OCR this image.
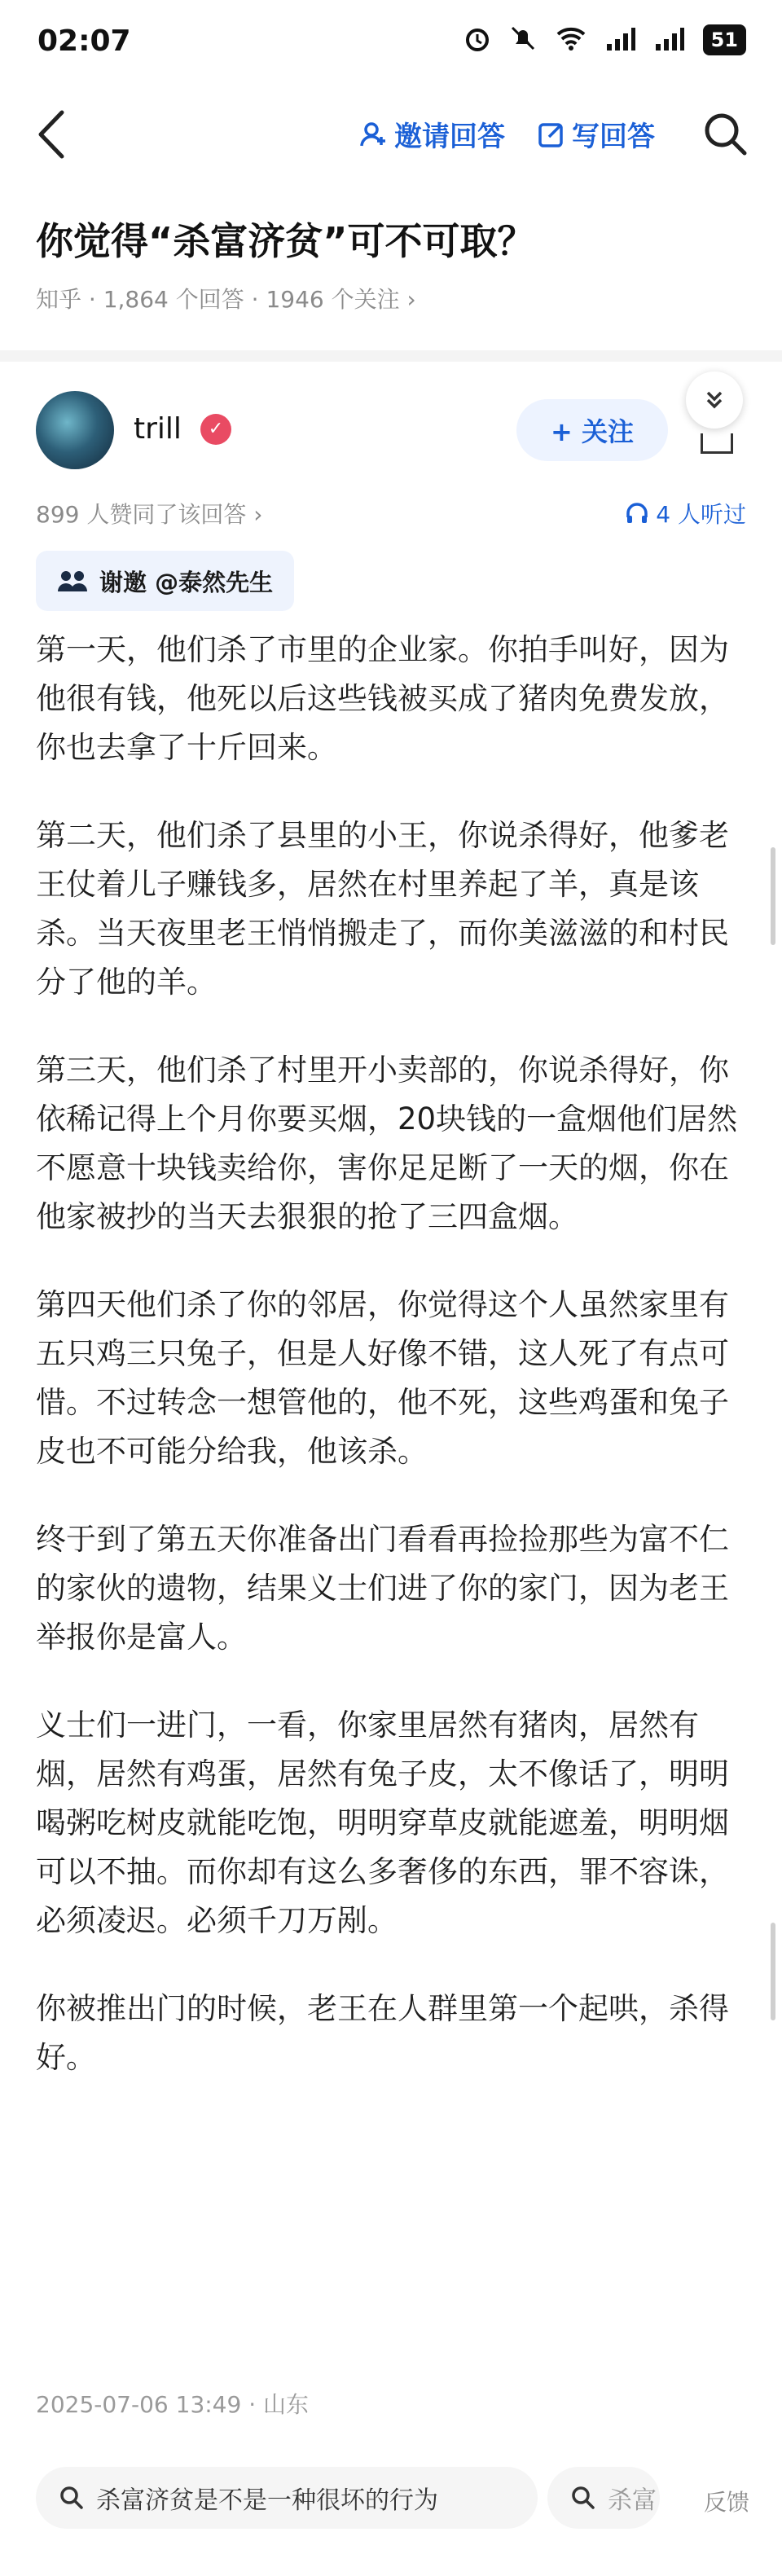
02:07	51
邀请回答 写回答
你觉得“杀富济贫”可不可取？
知乎 · 1,864 个回答 · 1946 个关注 ›
trill	✓	+ 关注
899 人赞同了该回答 ›	4 人听过
谢邀 @泰然先生

第一天，他们杀了市里的企业家。你拍手叫好，因为他很有钱，他死以后这些钱被买成了猪肉免费发放，你也去拿了十斤回来。

第二天，他们杀了县里的小王，你说杀得好，他爹老王仗着儿子赚钱多，居然在村里养起了羊，真是该杀。当天夜里老王悄悄搬走了，而你美滋滋的和村民分了他的羊。

第三天，他们杀了村里开小卖部的，你说杀得好，你依稀记得上个月你要买烟，20块钱的一盒烟他们居然不愿意十块钱卖给你，害你足足断了一天的烟，你在他家被抄的当天去狠狠的抢了三四盒烟。

第四天他们杀了你的邻居，你觉得这个人虽然家里有五只鸡三只兔子，但是人好像不错，这人死了有点可惜。不过转念一想管他的，他不死，这些鸡蛋和兔子皮也不可能分给我，他该杀。

终于到了第五天你准备出门看看再捡捡那些为富不仁的家伙的遗物，结果义士们进了你的家门，因为老王举报你是富人。

义士们一进门，一看，你家里居然有猪肉，居然有烟，居然有鸡蛋，居然有兔子皮，太不像话了，明明喝粥吃树皮就能吃饱，明明穿草皮就能遮羞，明明烟可以不抽。而你却有这么多奢侈的东西，罪不容诛，必须凌迟。必须千刀万剐。

你被推出门的时候，老王在人群里第一个起哄，杀得好。

2025-07-06 13:49 · 山东
杀富济贫是不是一种很坏的行为	杀富 反馈
